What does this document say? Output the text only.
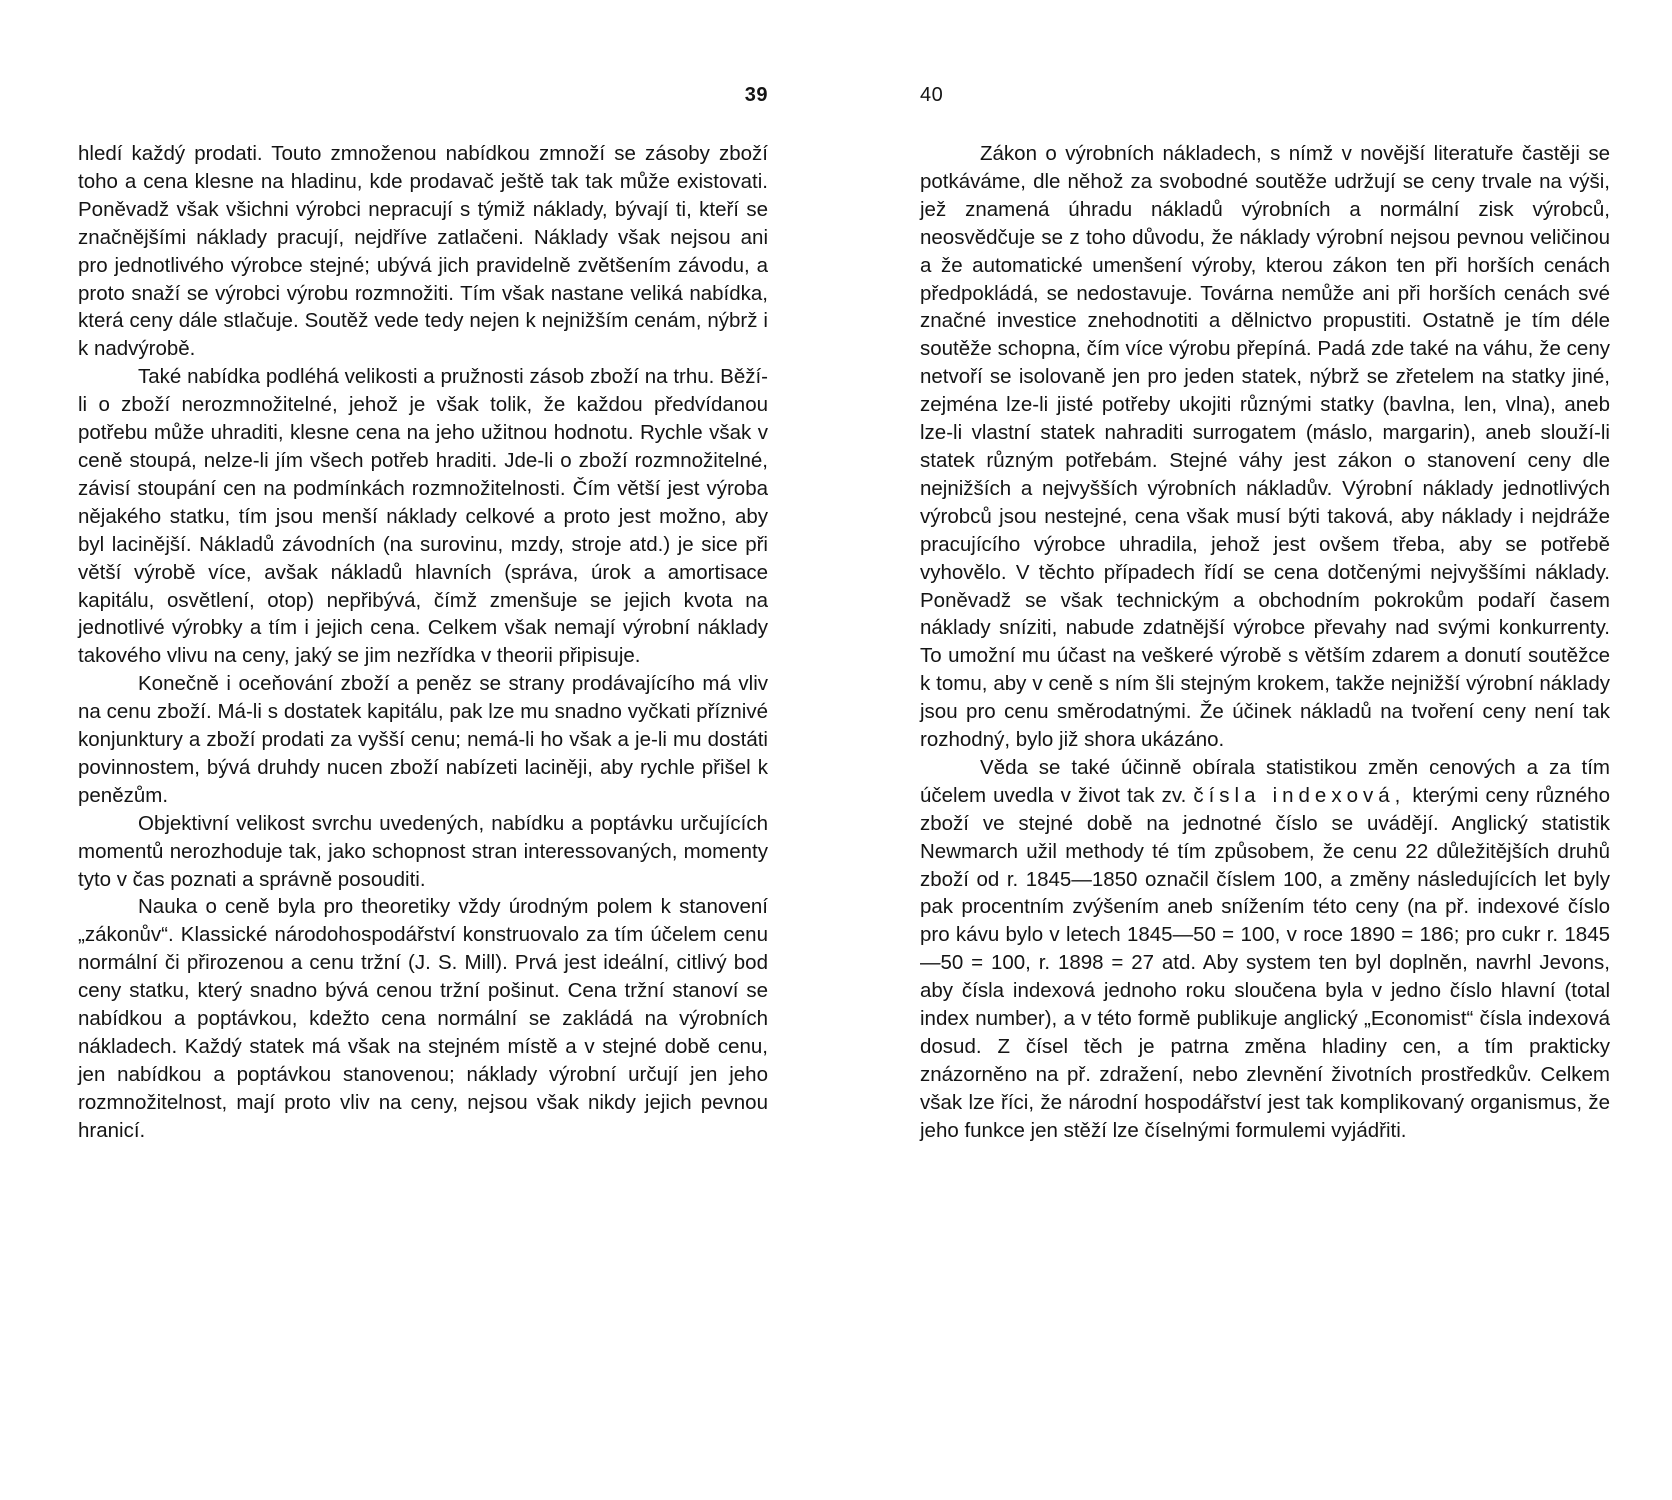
39

hledí každý prodati. Touto zmnoženou nabídkou zmnoží se zásoby zboží toho a cena klesne na hladinu, kde prodavač ještě tak tak může existovati. Poněvadž však všichni výrobci nepracují s týmiž náklady, bývají ti, kteří se značnějšími náklady pracují, nejdříve zatlačeni. Náklady však nejsou ani pro jednotlivého výrobce stejné; ubývá jich pravidelně zvětšením závodu, a proto snaží se výrobci výrobu rozmnožiti. Tím však nastane veliká nabídka, která ceny dále stlačuje. Soutěž vede tedy nejen k nejnižším cenám, nýbrž i k nadvýrobě.

Také nabídka podléhá velikosti a pružnosti zásob zboží na trhu. Běží-li o zboží nerozmnožitelné, jehož je však tolik, že každou předvídanou potřebu může uhraditi, klesne cena na jeho užitnou hodnotu. Rychle však v ceně stoupá, nelze-li jím všech potřeb hraditi. Jde-li o zboží rozmnožitelné, závisí stoupání cen na podmínkách rozmnožitelnosti. Čím větší jest výroba nějakého statku, tím jsou menší náklady celkové a proto jest možno, aby byl lacinější. Nákladů závodních (na surovinu, mzdy, stroje atd.) je sice při větší výrobě více, avšak nákladů hlavních (správa, úrok a amortisace kapitálu, osvětlení, otop) nepřibývá, čímž zmenšuje se jejich kvota na jednotlivé výrobky a tím i jejich cena. Celkem však nemají výrobní náklady takového vlivu na ceny, jaký se jim nezřídka v theorii připisuje.

Konečně i oceňování zboží a peněz se strany prodávajícího má vliv na cenu zboží. Má-li s dostatek kapitálu, pak lze mu snadno vyčkati příznivé konjunktury a zboží prodati za vyšší cenu; nemá-li ho však a je-li mu dostáti povinnostem, bývá druhdy nucen zboží nabízeti laciněji, aby rychle přišel k penězům.

Objektivní velikost svrchu uvedených, nabídku a poptávku určujících momentů nerozhoduje tak, jako schopnost stran interessovaných, momenty tyto v čas poznati a správně posouditi.

Nauka o ceně byla pro theoretiky vždy úrodným polem k stanovení „zákonův“. Klassické národohospodářství konstruovalo za tím účelem cenu normální či přirozenou a cenu tržní (J. S. Mill). Prvá jest ideální, citlivý bod ceny statku, který snadno bývá cenou tržní pošinut. Cena tržní stanoví se nabídkou a poptávkou, kdežto cena normální se zakládá na výrobních nákladech. Každý statek má však na stejném místě a v stejné době cenu, jen nabídkou a poptávkou stanovenou; náklady výrobní určují jen jeho rozmnožitelnost, mají proto vliv na ceny, nejsou však nikdy jejich pevnou hranicí.

40

Zákon o výrobních nákladech, s nímž v novější literatuře častěji se potkáváme, dle něhož za svobodné soutěže udržují se ceny trvale na výši, jež znamená úhradu nákladů výrobních a normální zisk výrobců, neosvědčuje se z toho důvodu, že náklady výrobní nejsou pevnou veličinou a že automatické umenšení výroby, kterou zákon ten při horších cenách předpokládá, se nedostavuje. Továrna nemůže ani při horších cenách své značné investice znehodnotiti a dělnictvo propustiti. Ostatně je tím déle soutěže schopna, čím více výrobu přepíná. Padá zde také na váhu, že ceny netvoří se isolovaně jen pro jeden statek, nýbrž se zřetelem na statky jiné, zejména lze-li jisté potřeby ukojiti různými statky (bavlna, len, vlna), aneb lze-li vlastní statek nahraditi surrogatem (máslo, margarin), aneb slouží-li statek různým potřebám. Stejné váhy jest zákon o stanovení ceny dle nejnižších a nejvyšších výrobních nákladův. Výrobní náklady jednotlivých výrobců jsou nestejné, cena však musí býti taková, aby náklady i nejdráže pracujícího výrobce uhradila, jehož jest ovšem třeba, aby se potřebě vyhovělo. V těchto případech řídí se cena dotčenými nejvyššími náklady. Poněvadž se však technickým a obchodním pokrokům podaří časem náklady sníziti, nabude zdatnější výrobce převahy nad svými konkurrenty. To umožní mu účast na veškeré výrobě s větším zdarem a donutí soutěžce k tomu, aby v ceně s ním šli stejným krokem, takže nejnižší výrobní náklady jsou pro cenu směrodatnými. Že účinek nákladů na tvoření ceny není tak rozhodný, bylo již shora ukázáno.

Věda se také účinně obírala statistikou změn cenových a za tím účelem uvedla v život tak zv. čísla indexová, kterými ceny různého zboží ve stejné době na jednotné číslo se uvádějí. Anglický statistik Newmarch užil methody té tím způsobem, že cenu 22 důležitějších druhů zboží od r. 1845—1850 označil číslem 100, a změny následujících let byly pak procentním zvýšením aneb snížením této ceny (na př. indexové číslo pro kávu bylo v letech 1845—50 = 100, v roce 1890 = 186; pro cukr r. 1845—50 = 100, r. 1898 = 27 atd. Aby system ten byl doplněn, navrhl Jevons, aby čísla indexová jednoho roku sloučena byla v jedno číslo hlavní (total index number), a v této formě publikuje anglický „Economist“ čísla indexová dosud. Z čísel těch je patrna změna hladiny cen, a tím prakticky znázorněno na př. zdražení, nebo zlevnění životních prostředkův. Celkem však lze říci, že národní hospodářství jest tak komplikovaný organismus, že jeho funkce jen stěží lze číselnými formulemi vyjádřiti.
